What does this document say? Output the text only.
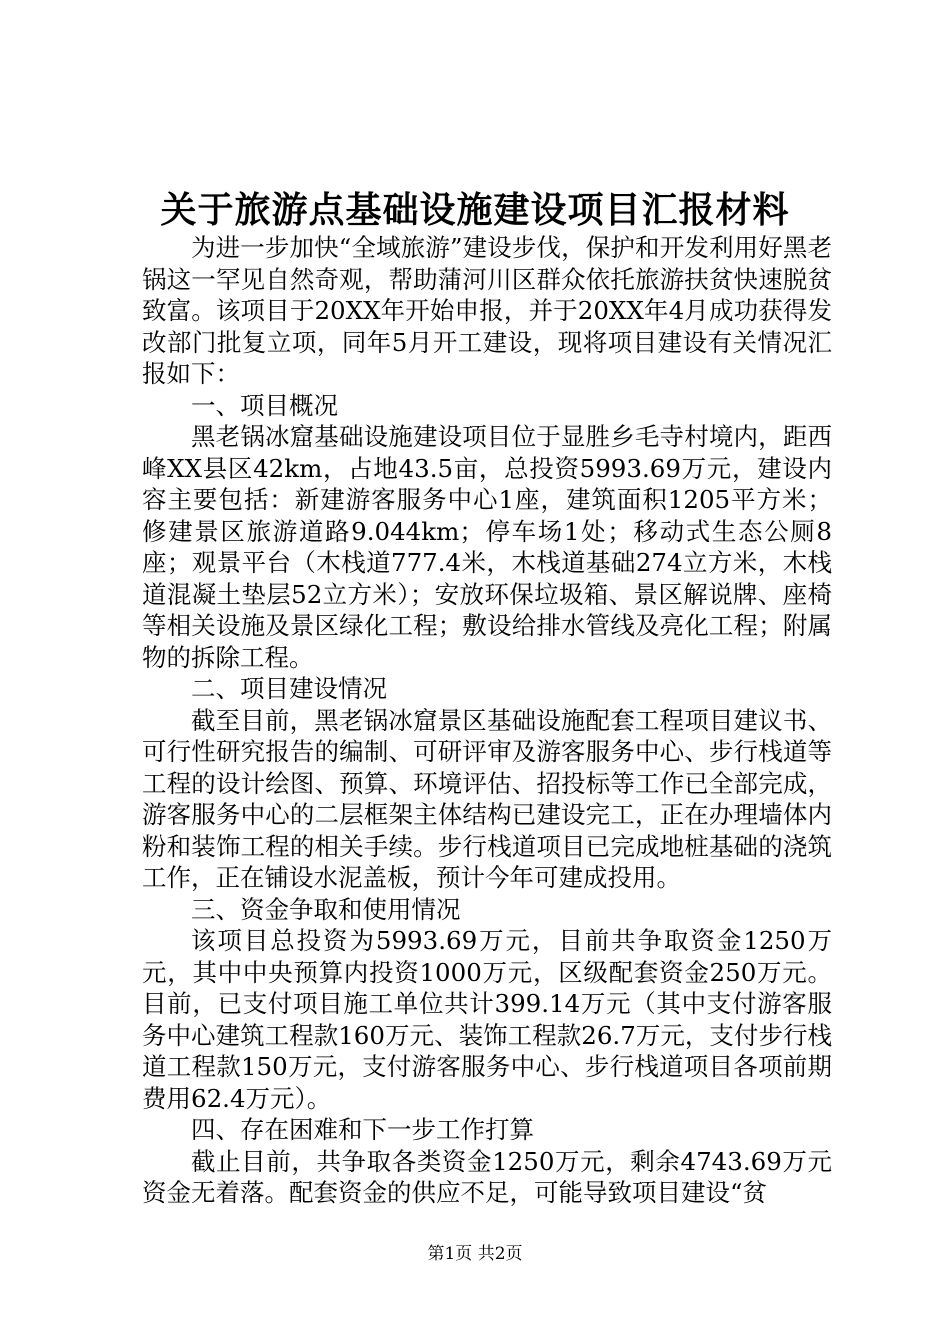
关于旅游点基础设施建设项目汇报材料

为进一步加快“全域旅游”建设步伐，保护和开发利用好黑老锅这一罕见自然奇观，帮助蒲河川区群众依托旅游扶贫快速脱贫致富。该项目于20XX年开始申报，并于20XX年4月成功获得发改部门批复立项，同年5月开工建设，现将项目建设有关情况汇报如下：

一、项目概况

黑老锅冰窟基础设施建设项目位于显胜乡毛寺村境内，距西峰XX县区42km，占地43.5亩，总投资5993.69万元，建设内容主要包括：新建游客服务中心1座，建筑面积1205平方米；修建景区旅游道路9.044km；停车场1处；移动式生态公厕8座；观景平台（木栈道777.4米，木栈道基础274立方米，木栈道混凝土垫层52立方米）；安放环保垃圾箱、景区解说牌、座椅等相关设施及景区绿化工程；敷设给排水管线及亮化工程；附属物的拆除工程。

二、项目建设情况

截至目前，黑老锅冰窟景区基础设施配套工程项目建议书、可行性研究报告的编制、可研评审及游客服务中心、步行栈道等工程的设计绘图、预算、环境评估、招投标等工作已全部完成，游客服务中心的二层框架主体结构已建设完工，正在办理墙体内粉和装饰工程的相关手续。步行栈道项目已完成地桩基础的浇筑工作，正在铺设水泥盖板，预计今年可建成投用。

三、资金争取和使用情况

该项目总投资为5993.69万元，目前共争取资金1250万元，其中中央预算内投资1000万元，区级配套资金250万元。目前，已支付项目施工单位共计399.14万元（其中支付游客服务中心建筑工程款160万元、装饰工程款26.7万元，支付步行栈道工程款150万元，支付游客服务中心、步行栈道项目各项前期费用62.4万元）。

四、存在困难和下一步工作打算

截止目前，共争取各类资金1250万元，剩余4743.69万元资金无着落。配套资金的供应不足，可能导致项目建设“贫

第1页 共2页
